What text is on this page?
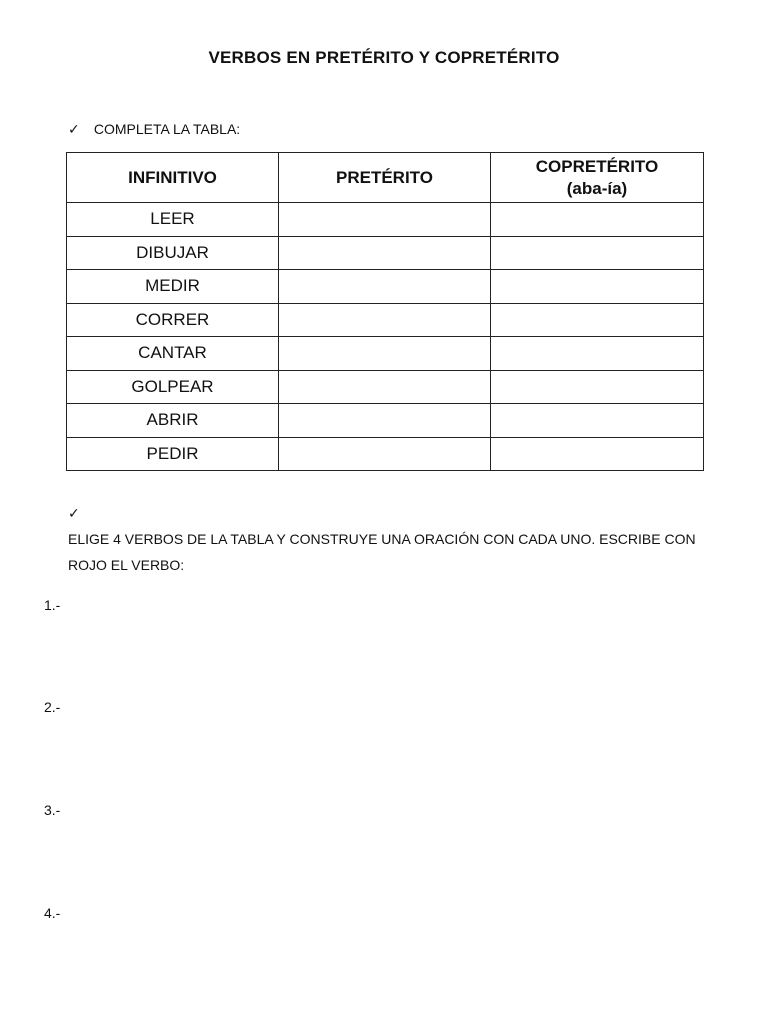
VERBOS EN PRETÉRITO Y COPRETÉRITO
✓ COMPLETA LA TABLA:
INFINITIVO	PRETÉRITO	COPRETÉRITO
(aba-ía)
LEER		
DIBUJAR		
MEDIR		
CORRER		
CANTAR		
GOLPEAR		
ABRIR		
PEDIR		
✓ ELIGE 4 VERBOS DE LA TABLA Y CONSTRUYE UNA ORACIÓN CON CADA UNO. ESCRIBE CON ROJO EL VERBO:
1.-
2.-
3.-
4.-
